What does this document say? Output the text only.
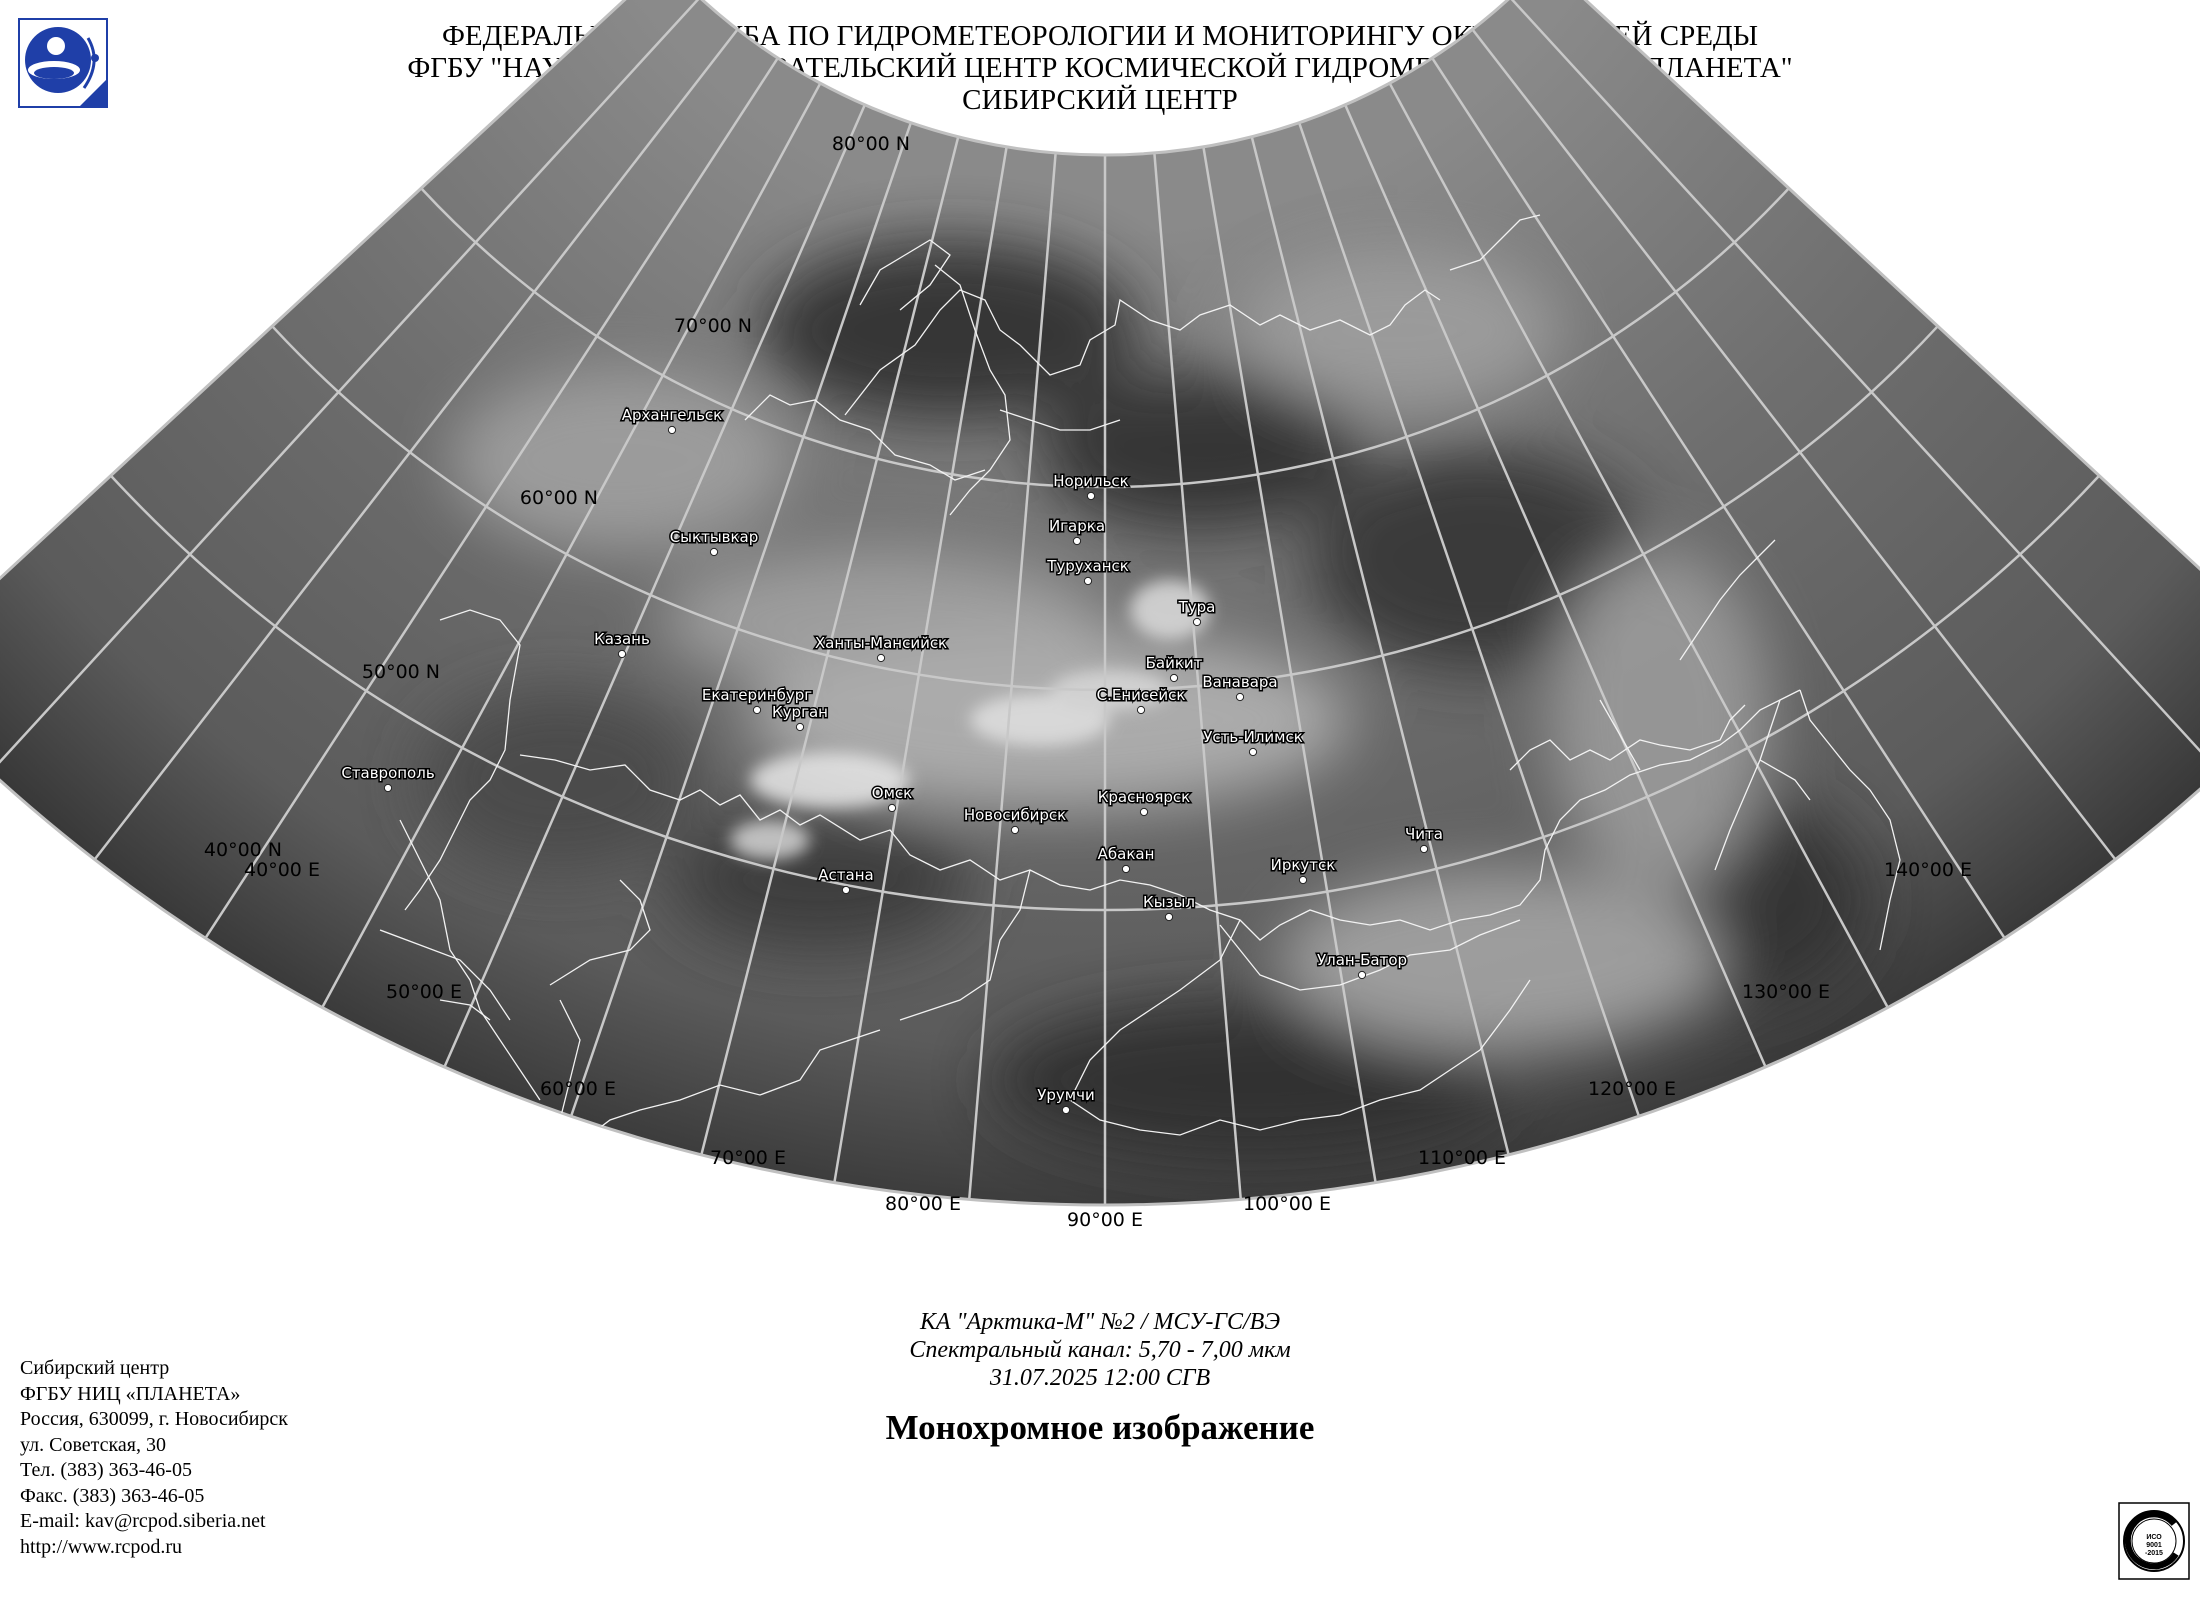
ФЕДЕРАЛЬНАЯ СЛУЖБА ПО ГИДРОМЕТЕОРОЛОГИИ И МОНИТОРИНГУ ОКРУЖАЮЩЕЙ СРЕДЫ
ФГБУ "НАУЧНО-ИССЛЕДОВАТЕЛЬСКИЙ ЦЕНТР КОСМИЧЕСКОЙ ГИДРОМЕТЕОРОЛОГИИ "ПЛАНЕТА"
СИБИРСКИЙ ЦЕНТР
80°00 N
70°00 N
60°00 N
50°00 N
40°00 N
40°00 E
50°00 E
60°00 E
70°00 E
80°00 E
90°00 E
100°00 E
110°00 E
120°00 E
130°00 E
140°00 E
Архангельск
Сыктывкар
Казань
Ставрополь
Екатеринбург
Курган
Ханты-Мансийск
Омск
Астана
Новосибирск
Норильск
Игарка
Туруханск
Тура
Байкит
С.Енисейск
Ванавара
Усть-Илимск
Красноярск
Абакан
Кызыл
Иркутск
Чита
Улан-Батор
Урумчи
КА "Арктика-М" №2 / МСУ-ГС/ВЭ
Спектральный канал: 5,70 - 7,00 мкм
31.07.2025 12:00 СГВ
Монохромное изображение
Сибирский центр
ФГБУ НИЦ «ПЛАНЕТА»
Россия, 630099, г. Новосибирск
ул. Советская, 30
Тел. (383) 363-46-05
Факс. (383) 363-46-05
E-mail: kav@rcpod.siberia.net
http://www.rcpod.ru	ИСО
9001
-2015
